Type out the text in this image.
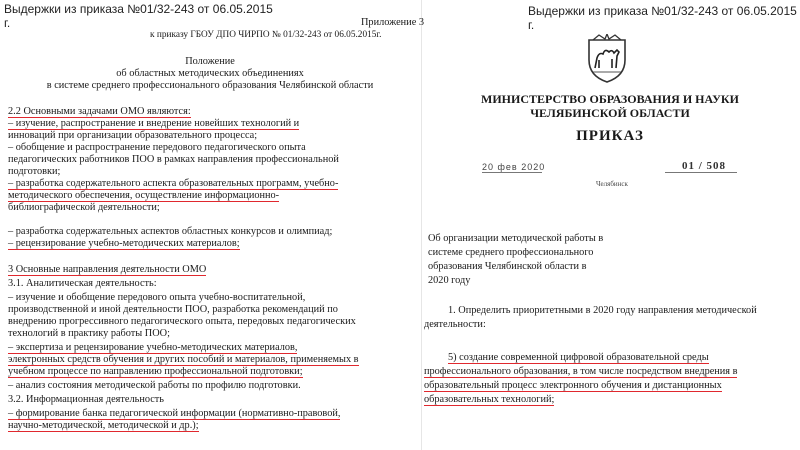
Выдержки из приказа №01/32-243 от 06.05.2015
г.	Приложение 3
к приказу ГБОУ ДПО ЧИРПО № 01/32-243 от 06.05.2015г.
Положение
об областных методических объединениях
в системе среднего профессионального образования Челябинской области
2.2 Основными задачами ОМО являются:
– изучение, распространение и внедрение новейших технологий и
инноваций при организации образовательного процесса;
– обобщение и распространение передового педагогического опыта
педагогических работников ПОО в рамках направления профессиональной
подготовки;
– разработка содержательного аспекта образовательных программ, учебно-
методического обеспечения, осуществление информационно-
библиографической деятельности;
– разработка содержательных аспектов областных конкурсов и олимпиад;
– рецензирование учебно-методических материалов;
3 Основные направления деятельности ОМО
3.1. Аналитическая деятельность:
– изучение и обобщение передового опыта учебно-воспитательной,
производственной и иной деятельности ПОО, разработка рекомендаций по
внедрению прогрессивного педагогического опыта, передовых педагогических
технологий в практику работы ПОО;
– экспертиза и рецензирование учебно-методических материалов,
электронных средств обучения и других пособий и материалов, применяемых в
учебном процессе по направлению профессиональной подготовки;
– анализ состояния методической работы по профилю подготовки.
3.2. Информационная деятельность
– формирование банка педагогической информации (нормативно-правовой,
научно-методической, методической и др.);
Выдержки из приказа №01/32-243 от 06.05.2015
г.
МИНИСТЕРСТВО ОБРАЗОВАНИЯ И НАУКИ
ЧЕЛЯБИНСКОЙ ОБЛАСТИ
ПРИКАЗ
20 фев 2020	01 / 508
Челябинск
Об организации методической работы в
системе среднего профессионального
образования Челябинской области в
2020 году
1. Определить приоритетными в 2020 году направления методической
деятельности:
5) создание современной цифровой образовательной среды
профессионального образования, в том числе посредством внедрения в
образовательный процесс электронного обучения и дистанционных
образовательных технологий;
